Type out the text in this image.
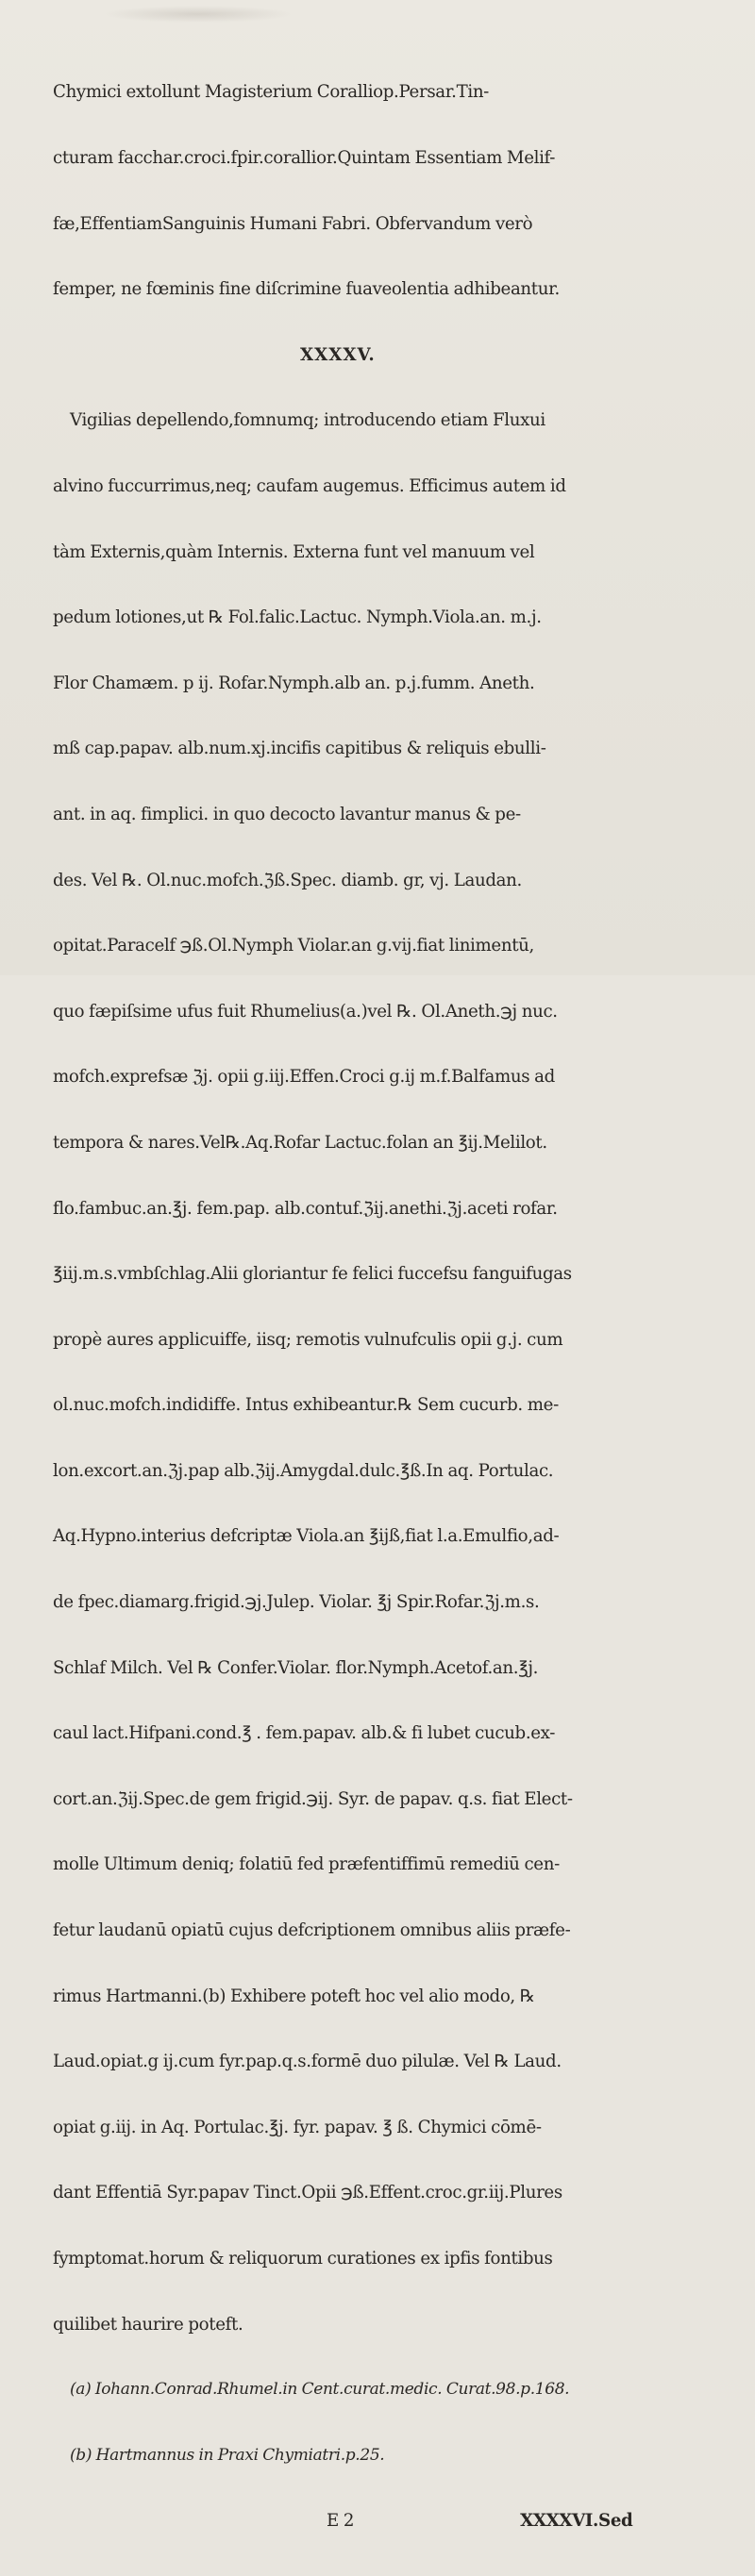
Chymici extollunt Magisterium Coralliор.Persar.Tin-

cturam facchar.croci.fpir.corallior.Quintam Essentiam Melif-

fæ,EffentiamSanguinis Humani Fabri. Obfervandum verò

femper, ne fœminis fine diſcrimine fuaveolentia adhibeantur.

XXXXV.

Vigilias depellendo,fomnumq; introducendo etiam Fluxui

alvino fuccurrimus,neq; caufam augemus. Efficimus autem id

tàm Externis,quàm Internis. Externa funt vel manuum vel

pedum lotiones,ut ℞ Fol.falic.Lactuc. Nymph.Viola.an. m.j.

Flor Chamæm. p ij. Rofar.Nymph.alb an. p.j.fumm. Aneth.

mß cap.papav. alb.num.xj.incifis capitibus & reliquis ebulli-

ant. in aq. fimplici. in quo decocto lavantur manus & pe-

des. Vel ℞. Ol.nuc.mofch.ℨß.Spec. diamb. gr, vj. Laudan.

opitat.Paracelf ℈ß.Ol.Nymph Violar.an g.vij.fiat linimentū,

quo fæpiſsime ufus fuit Rhumelius(a.)vel ℞. Ol.Aneth.℈j nuc.

mofch.exprefsæ ℨj. opii g.iij.Effen.Croci g.ij m.f.Balfamus ad

tempora & nares.Vel℞.Aq.Rofar Lactuc.folan an ℥ij.Melilot.

flo.fambuc.an.℥j. fem.pap. alb.contuf.ℨij.anethi.ℨj.aceti rofar.

℥iij.m.s.vmbſchlag.Alii gloriantur fe felici fuccefsu fanguifugas

propè aures applicuiffe, iisq; remotis vulnufculis opii g.j. cum

ol.nuc.mofch.indidiffe. Intus exhibeantur.℞ Sem cucurb. me-

lon.excort.an.ℨj.pap alb.ℨij.Amygdal.dulc.℥ß.In aq. Portulac.

Aq.Hypno.interius defcriptæ Viola.an ℥ijß,fiat l.a.Emulfio,ad-

de fpec.diamarg.frigid.℈j.Julep. Violar. ℥j Spir.Rofar.ℨj.m.s.

Schlaf Milch. Vel ℞ Confer.Violar. flor.Nymph.Acetof.an.℥j.

caul lact.Hifpani.cond.℥ . fem.papav. alb.& fi lubet cucub.ex-

cort.an.ℨij.Spec.de gem frigid.℈ij. Syr. de papav. q.s. fiat Elect-

molle Ultimum deniq; folatiū fed præfentiffimū remediū cen-

fetur laudanū opiatū cujus defcriptionem omnibus aliis præfe-

rimus Hartmanni.(b) Exhibere poteft hoc vel alio modo, ℞

Laud.opiat.g ij.cum fyr.pap.q.s.formē duo pilulæ. Vel ℞ Laud.

opiat g.iij. in Aq. Portulac.℥j. fyr. papav. ℥ ß. Chymici cōmē-

dant Effentiā Syr.papav Tinct.Opii ℈ß.Effent.croc.gr.iij.Plures

fymptomat.horum & reliquorum curationes ex ipfis fontibus

quilibet haurire poteft.

(a) Iohann.Conrad.Rhumel.in Cent.curat.medic. Curat.98.p.168.

(b) Hartmannus in Praxi Chymiatri.p.25.

E 2	XXXXVI.Sed
